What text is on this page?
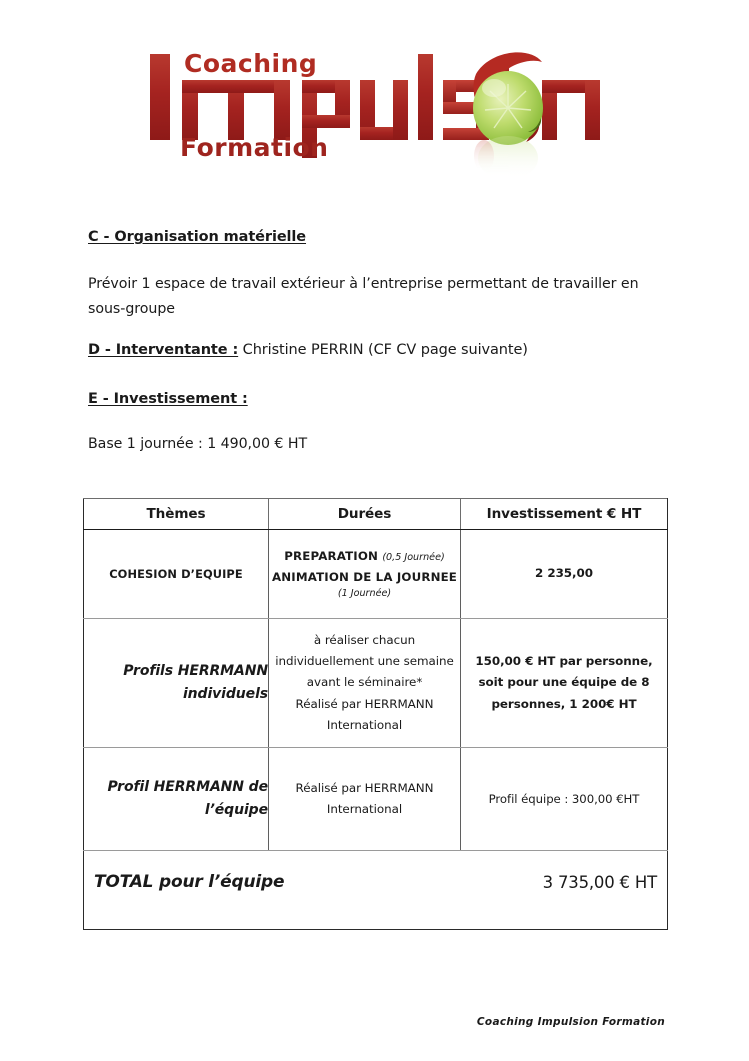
Coaching
Formation

C - Organisation matérielle

Prévoir 1 espace de travail extérieur à l’entreprise permettant de travailler en sous-groupe

D - Interventante : Christine PERRIN (CF CV page suivante)

E - Investissement :

Base 1 journée : 1 490,00 € HT

Thèmes	Durées	Investissement € HT

COHESION D’EQUIPE	PREPARATION (0,5 Journée)
ANIMATION DE LA JOURNEE
(1 Journée)	2 235,00

Profils HERRMANN
individuels	à réaliser chacun
individuellement une semaine
avant le séminaire*
Réalisé par HERRMANN
International	150,00 € HT par personne,
soit pour une équipe de 8
personnes, 1 200€ HT

Profil HERRMANN de
l’équipe	Réalisé par HERRMANN
International	Profil équipe : 300,00 €HT

TOTAL pour l’équipe 3 735,00 € HT		
Coaching Impulsion Formation
